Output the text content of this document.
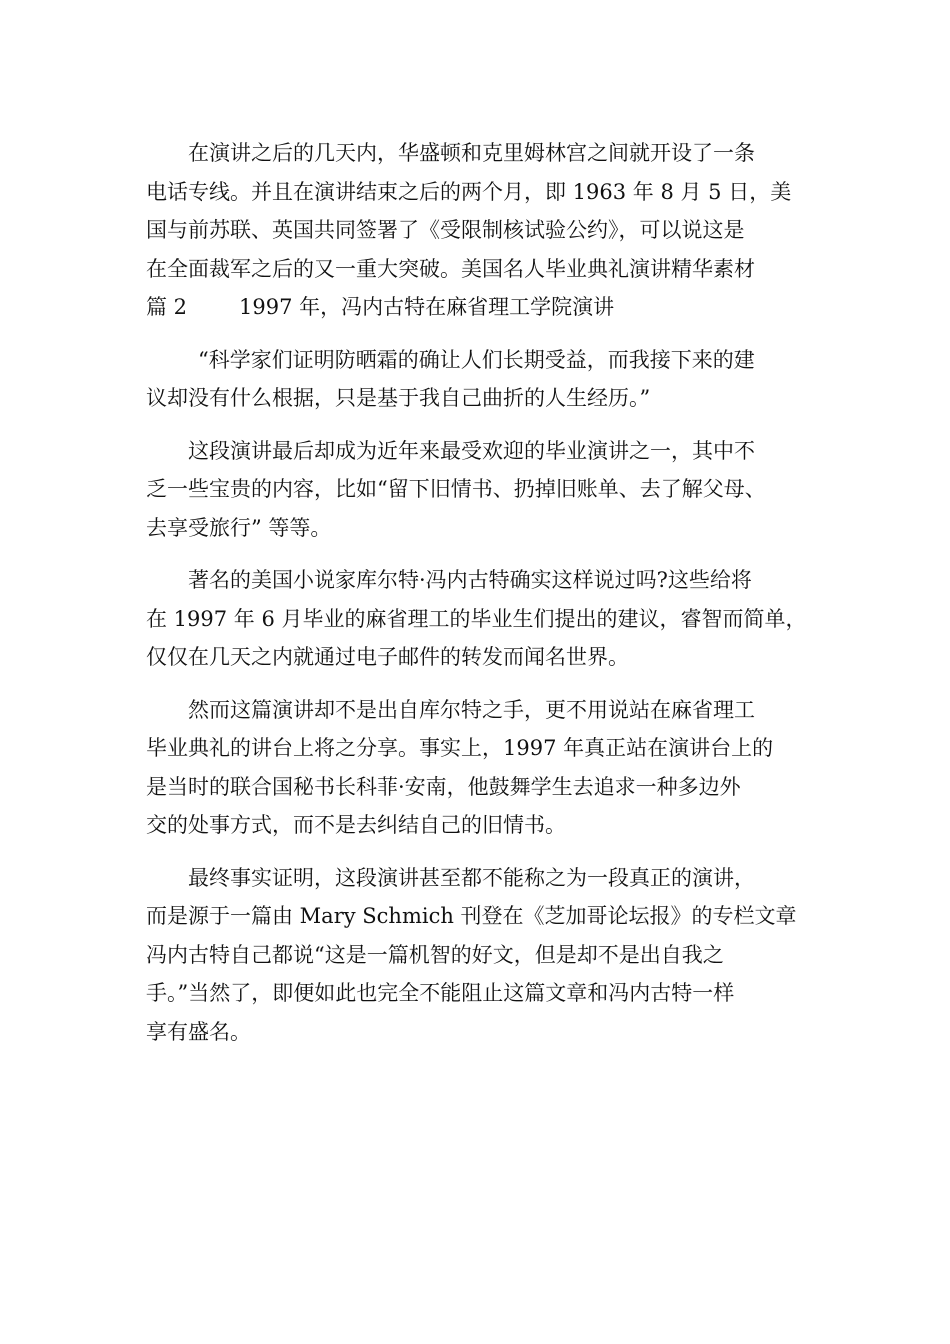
在演讲之后的几天内，华盛顿和克里姆林宫之间就开设了一条
电话专线。并且在演讲结束之后的两个月，即 1963 年 8 月 5 日，美
国与前苏联、英国共同签署了《受限制核试验公约》，可以说这是
在全面裁军之后的又一重大突破。美国名人毕业典礼演讲精华素材
篇 2 1997 年，冯内古特在麻省理工学院演讲
“科学家们证明防晒霜的确让人们长期受益，而我接下来的建
议却没有什么根据，只是基于我自己曲折的人生经历。”
这段演讲最后却成为近年来最受欢迎的毕业演讲之一，其中不
乏一些宝贵的内容，比如“留下旧情书、扔掉旧账单、去了解父母、
去享受旅行” 等等。
著名的美国小说家库尔特·冯内古特确实这样说过吗?这些给将
在 1997 年 6 月毕业的麻省理工的毕业生们提出的建议，睿智而简单，
仅仅在几天之内就通过电子邮件的转发而闻名世界。
然而这篇演讲却不是出自库尔特之手，更不用说站在麻省理工
毕业典礼的讲台上将之分享。事实上，1997 年真正站在演讲台上的
是当时的联合国秘书长科菲·安南，他鼓舞学生去追求一种多边外
交的处事方式，而不是去纠结自己的旧情书。
最终事实证明，这段演讲甚至都不能称之为一段真正的演讲，
而是源于一篇由 Mary Schmich 刊登在《芝加哥论坛报》的专栏文章
冯内古特自己都说“这是一篇机智的好文，但是却不是出自我之
手。”当然了，即便如此也完全不能阻止这篇文章和冯内古特一样
享有盛名。
